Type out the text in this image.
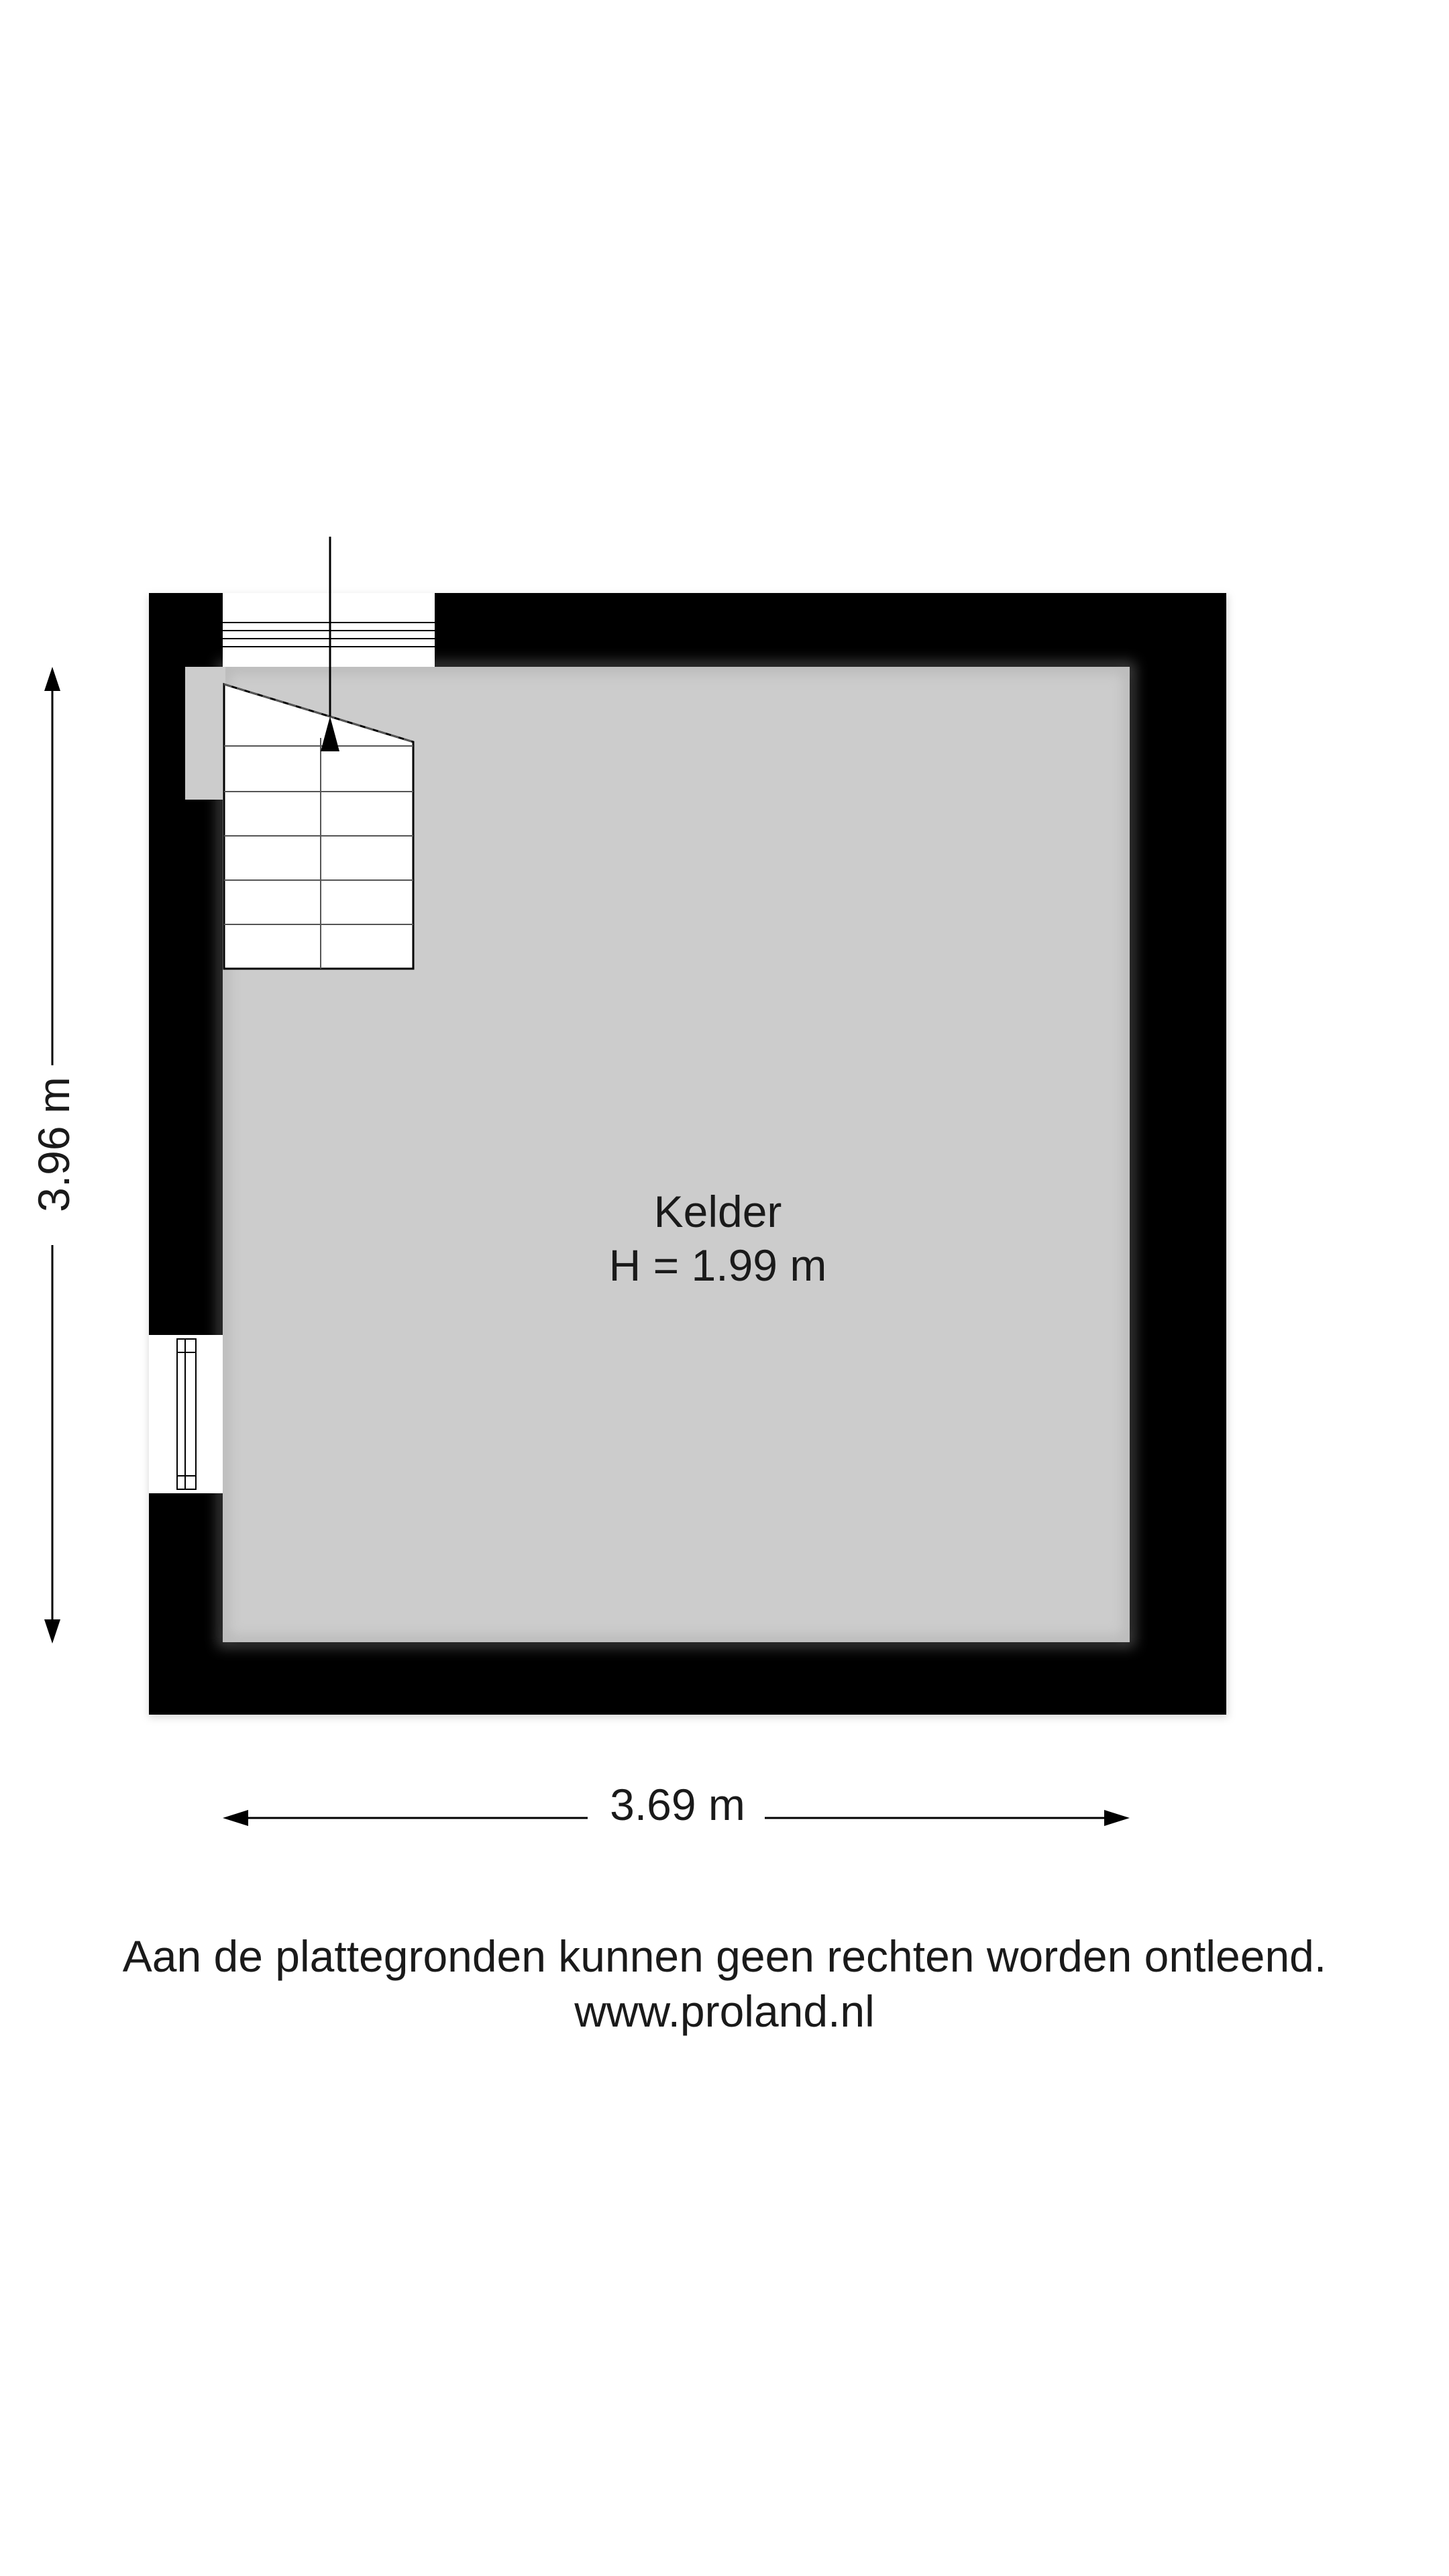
Kelder
H = 1.99 m
3.69 m
3.96 m
Aan de plattegronden kunnen geen rechten worden ontleend.
www.proland.nl
